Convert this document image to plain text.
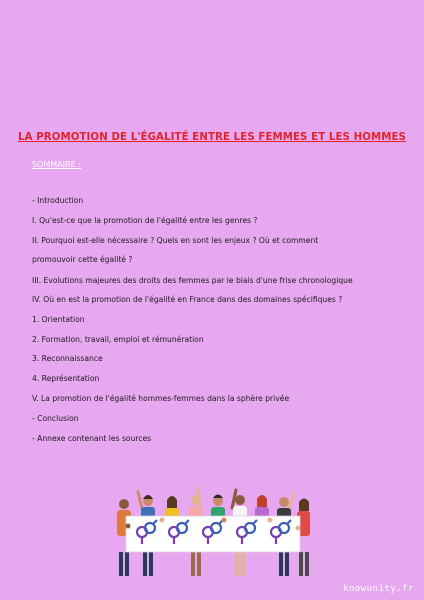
LA PROMOTION DE L'ÉGALITÉ ENTRE LES FEMMES ET LES HOMMES
SOMMAIRE :

- Introduction

I. Qu'est-ce que la promotion de l'égalité entre les genres ?

II. Pourquoi est-elle nécessaire ? Quels en sont les enjeux ? Où et comment

promouvoir cette égalité ?

III. Evolutions majeures des droits des femmes par le biais d'une frise chronologique

IV. Où en est la promotion de l'égalité en France dans des domaines spécifiques ?

1. Orientation

2. Formation, travail, emploi et rémunération

3. Reconnaissance

4. Représentation

V. La promotion de l'égalité hommes-femmes dans la sphère privée

- Conclusion

- Annexe contenant les sources

knowunity.fr
